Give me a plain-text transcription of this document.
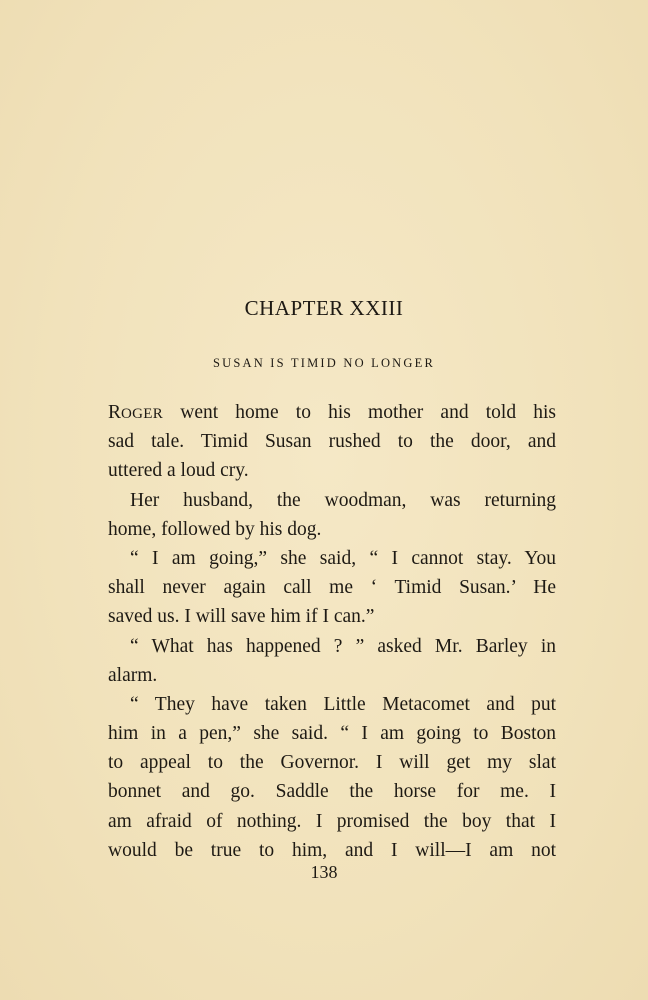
CHAPTER XXIII
SUSAN IS TIMID NO LONGER
ROGER went home to his mother and told his
sad tale. Timid Susan rushed to the door, and
uttered a loud cry.
Her husband, the woodman, was returning
home, followed by his dog.
“ I am going,” she said, “ I cannot stay. You
shall never again call me ‘ Timid Susan.’ He
saved us. I will save him if I can.”
“ What has happened ? ” asked Mr. Barley in
alarm.
“ They have taken Little Metacomet and put
him in a pen,” she said. “ I am going to Boston
to appeal to the Governor. I will get my slat
bonnet and go. Saddle the horse for me. I
am afraid of nothing. I promised the boy that I
would be true to him, and I will—I am not
138
